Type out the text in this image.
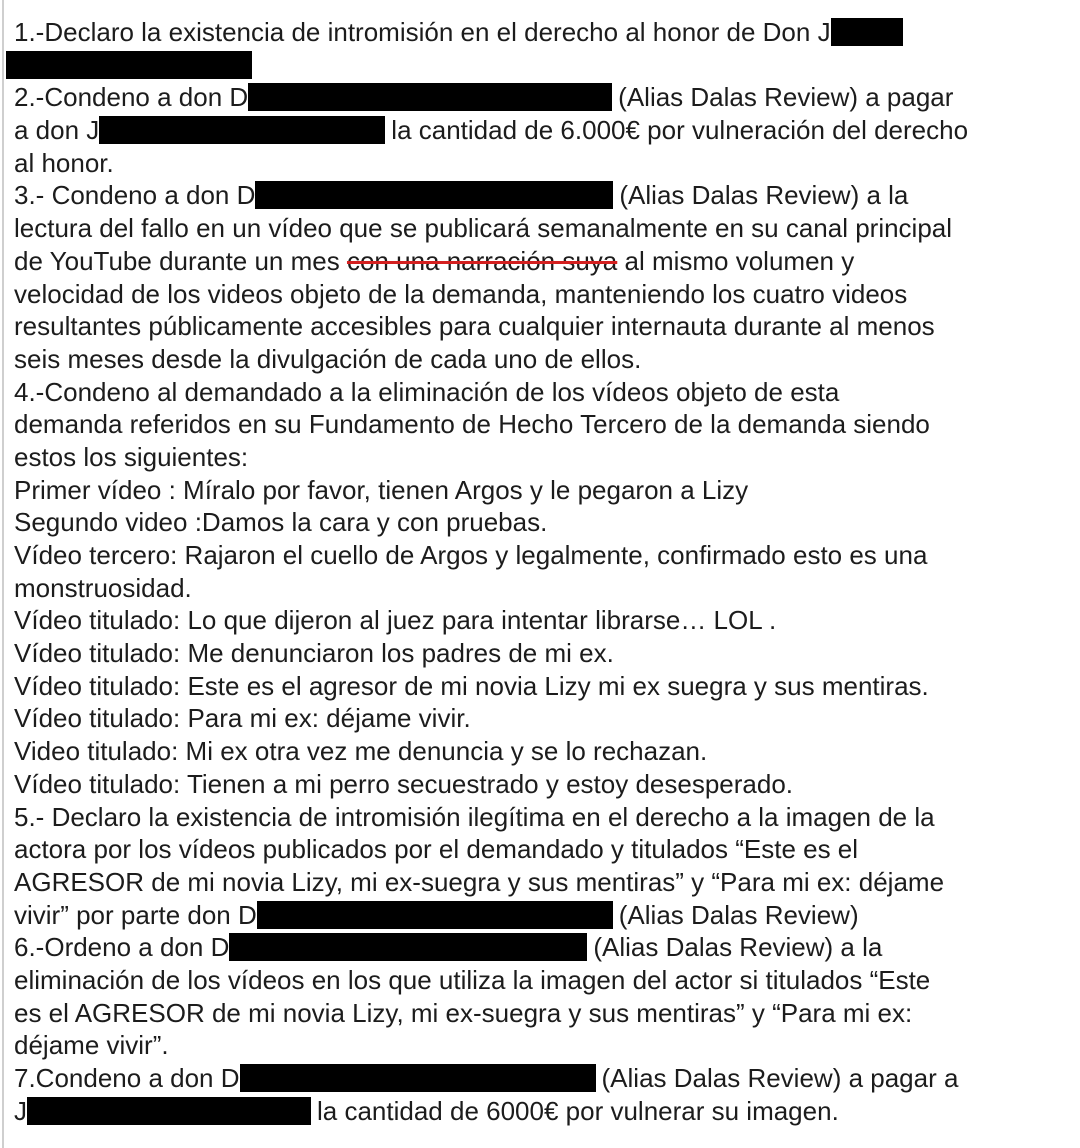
1.-Declaro la existencia de intromisión en el derecho al honor de Don J
2.-Condeno a don D	(Alias Dalas Review) a pagar
a don J	la cantidad de 6.000€ por vulneración del derecho
al honor.
3.- Condeno a don D	(Alias Dalas Review) a la
lectura del fallo en un vídeo que se publicará semanalmente en su canal principal
de YouTube durante un mes con una narración suya al mismo volumen y
velocidad de los videos objeto de la demanda, manteniendo los cuatro videos
resultantes públicamente accesibles para cualquier internauta durante al menos
seis meses desde la divulgación de cada uno de ellos.
4.-Condeno al demandado a la eliminación de los vídeos objeto de esta
demanda referidos en su Fundamento de Hecho Tercero de la demanda siendo
estos los siguientes:
Primer vídeo : Míralo por favor, tienen Argos y le pegaron a Lizy
Segundo video :Damos la cara y con pruebas.
Vídeo tercero: Rajaron el cuello de Argos y legalmente, confirmado esto es una
monstruosidad.
Vídeo titulado: Lo que dijeron al juez para intentar librarse… LOL .
Vídeo titulado: Me denunciaron los padres de mi ex.
Vídeo titulado: Este es el agresor de mi novia Lizy mi ex suegra y sus mentiras.
Vídeo titulado: Para mi ex: déjame vivir.
Video titulado: Mi ex otra vez me denuncia y se lo rechazan.
Vídeo titulado: Tienen a mi perro secuestrado y estoy desesperado.
5.- Declaro la existencia de intromisión ilegítima en el derecho a la imagen de la
actora por los vídeos publicados por el demandado y titulados “Este es el
AGRESOR de mi novia Lizy, mi ex-suegra y sus mentiras” y “Para mi ex: déjame
vivir” por parte don D	(Alias Dalas Review)
6.-Ordeno a don D	(Alias Dalas Review) a la
eliminación de los vídeos en los que utiliza la imagen del actor si titulados “Este
es el AGRESOR de mi novia Lizy, mi ex-suegra y sus mentiras” y “Para mi ex:
déjame vivir”.
7.Condeno a don D	(Alias Dalas Review) a pagar a
J	la cantidad de 6000€ por vulnerar su imagen.
